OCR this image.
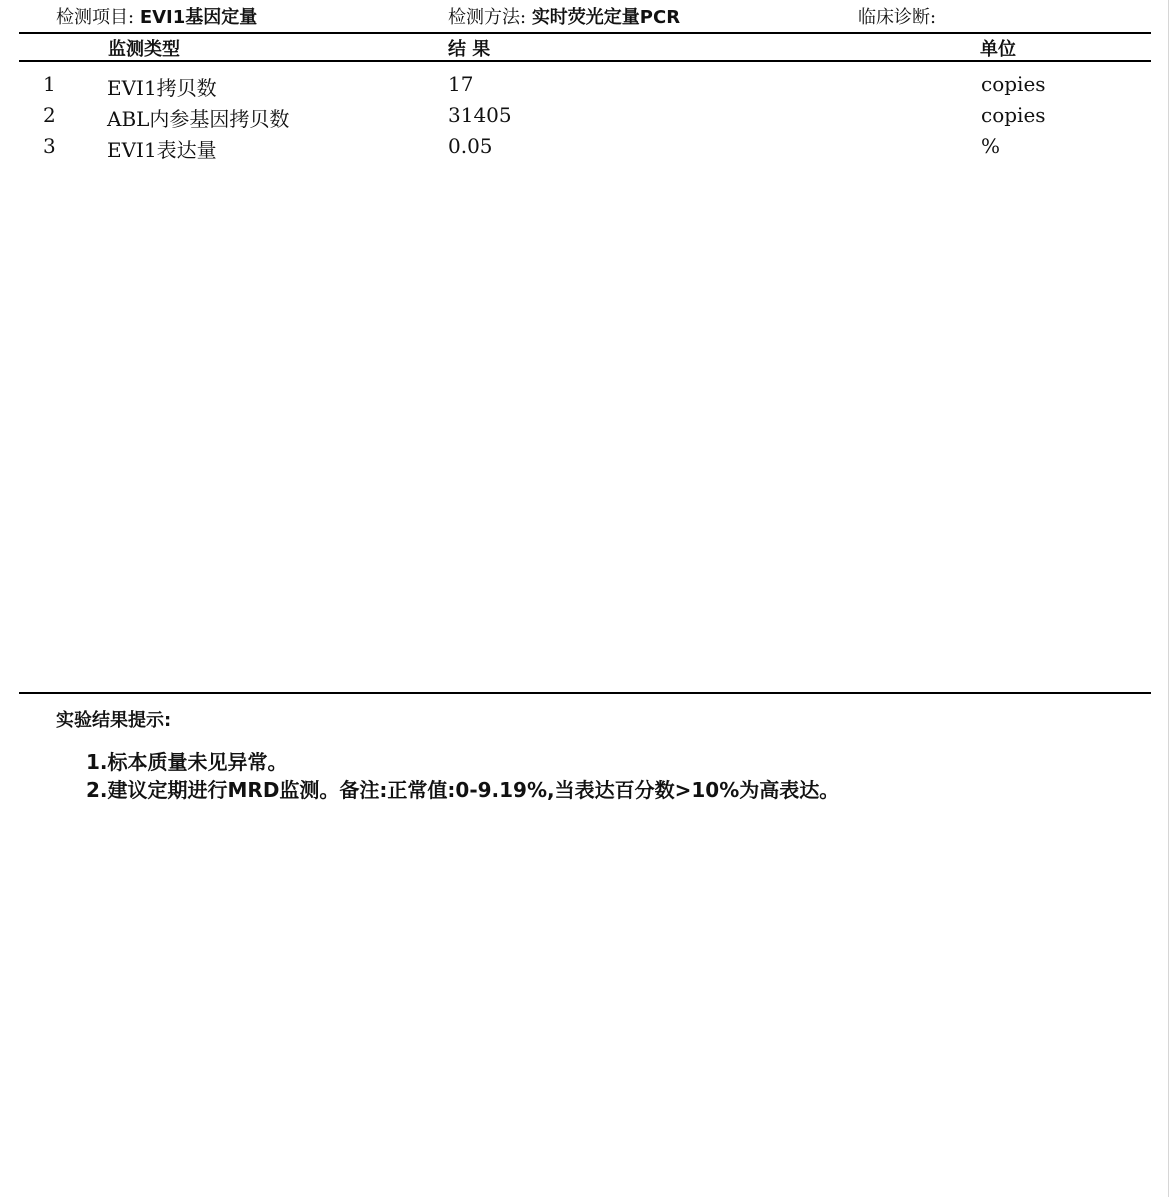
检测项目: EVI1基因定量	检测方法: 实时荧光定量PCR	临床诊断:
监测类型	结 果	单位
1	EVI1拷贝数	17	copies
2	ABL内参基因拷贝数	31405	copies
3	EVI1表达量	0.05	%
实验结果提示:
1.标本质量未见异常。
2.建议定期进行MRD监测。备注:正常值:0-9.19%,当表达百分数>10%为高表达。
